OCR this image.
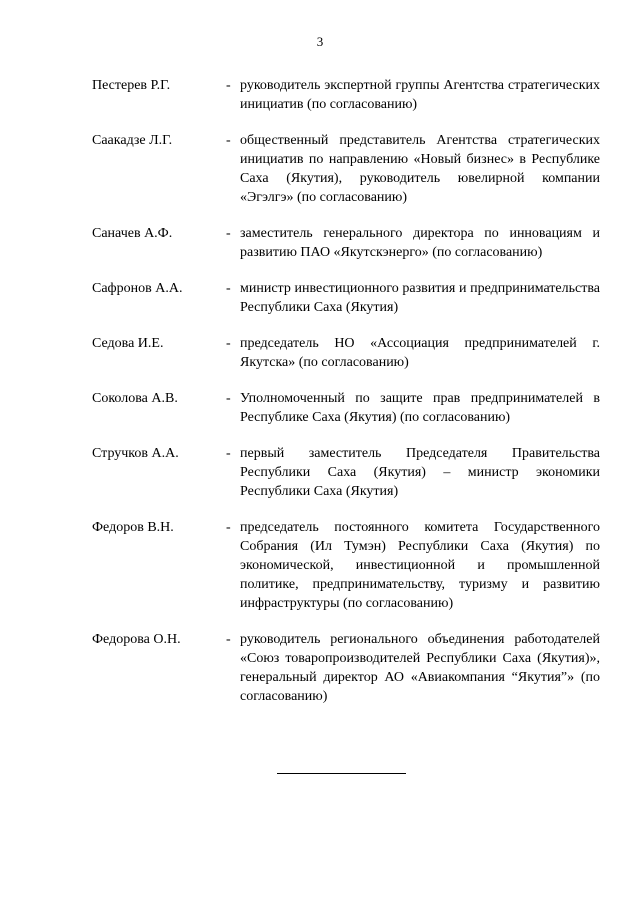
3
Пестерев Р.Г.	- руководитель экспертной группы Агентства стратегических инициатив (по согласованию)
Саакадзе Л.Г.	- общественный представитель Агентства стратегических инициатив по направлению «Новый бизнес» в Республике Саха (Якутия), руководитель ювелирной компании «Эгэлгэ» (по согласованию)
Саначев А.Ф.	- заместитель генерального директора по инновациям и развитию ПАО «Якутскэнерго» (по согласованию)
Сафронов А.А.	- министр инвестиционного развития и предпринимательства Республики Саха (Якутия)
Седова И.Е.	- председатель НО «Ассоциация предпринимателей г. Якутска» (по согласованию)
Соколова А.В.	- Уполномоченный по защите прав предпринимателей в Республике Саха (Якутия) (по согласованию)
Стручков А.А.	- первый заместитель Председателя Правительства Республики Саха (Якутия) – министр экономики Республики Саха (Якутия)
Федоров В.Н.	- председатель постоянного комитета Государственного Собрания (Ил Тумэн) Республики Саха (Якутия) по экономической, инвестиционной и промышленной политике, предпринимательству, туризму и развитию инфраструктуры (по согласованию)
Федорова О.Н.	- руководитель регионального объединения работодателей «Союз товаропроизводителей Республики Саха (Якутия)», генеральный директор АО «Авиакомпания “Якутия”» (по согласованию)
